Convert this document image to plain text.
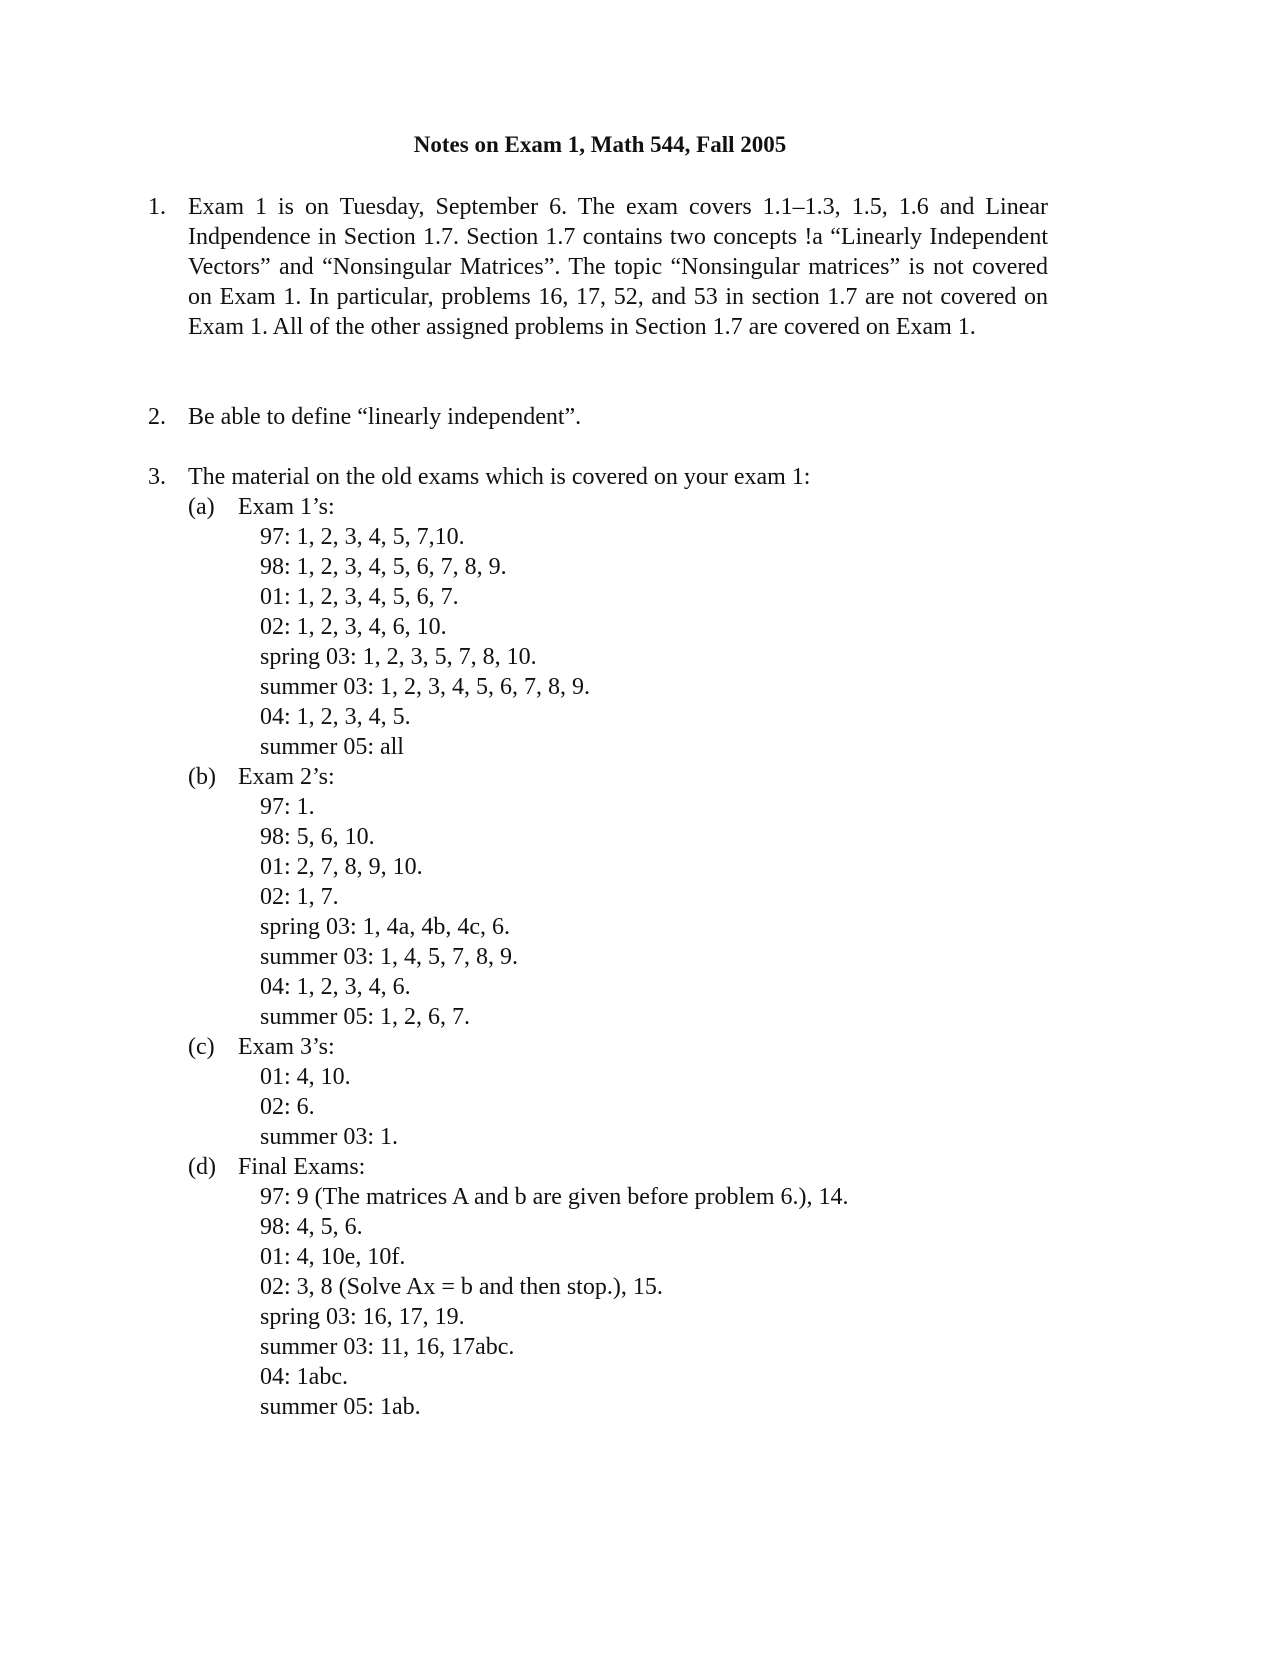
Notes on Exam 1, Math 544, Fall 2005
1. Exam 1 is on Tuesday, September 6. The exam covers 1.1–1.3, 1.5, 1.6 and Linear Indpendence in Section 1.7. Section 1.7 contains two concepts !a “Linearly Independent Vectors” and “Nonsingular Matrices”. The topic “Nonsingular matrices” is not covered on Exam 1. In particular, problems 16, 17, 52, and 53 in section 1.7 are not covered on Exam 1. All of the other assigned problems in Section 1.7 are covered on Exam 1.
2. Be able to define “linearly independent”.
3. The material on the old exams which is covered on your exam 1:
(a) Exam 1’s:
97: 1, 2, 3, 4, 5, 7,10.
98: 1, 2, 3, 4, 5, 6, 7, 8, 9.
01: 1, 2, 3, 4, 5, 6, 7.
02: 1, 2, 3, 4, 6, 10.
spring 03: 1, 2, 3, 5, 7, 8, 10.
summer 03: 1, 2, 3, 4, 5, 6, 7, 8, 9.
04: 1, 2, 3, 4, 5.
summer 05: all
(b) Exam 2’s:
97: 1.
98: 5, 6, 10.
01: 2, 7, 8, 9, 10.
02: 1, 7.
spring 03: 1, 4a, 4b, 4c, 6.
summer 03: 1, 4, 5, 7, 8, 9.
04: 1, 2, 3, 4, 6.
summer 05: 1, 2, 6, 7.
(c) Exam 3’s:
01: 4, 10.
02: 6.
summer 03: 1.
(d) Final Exams:
97: 9 (The matrices A and b are given before problem 6.), 14.
98: 4, 5, 6.
01: 4, 10e, 10f.
02: 3, 8 (Solve Ax = b and then stop.), 15.
spring 03: 16, 17, 19.
summer 03: 11, 16, 17abc.
04: 1abc.
summer 05: 1ab.
